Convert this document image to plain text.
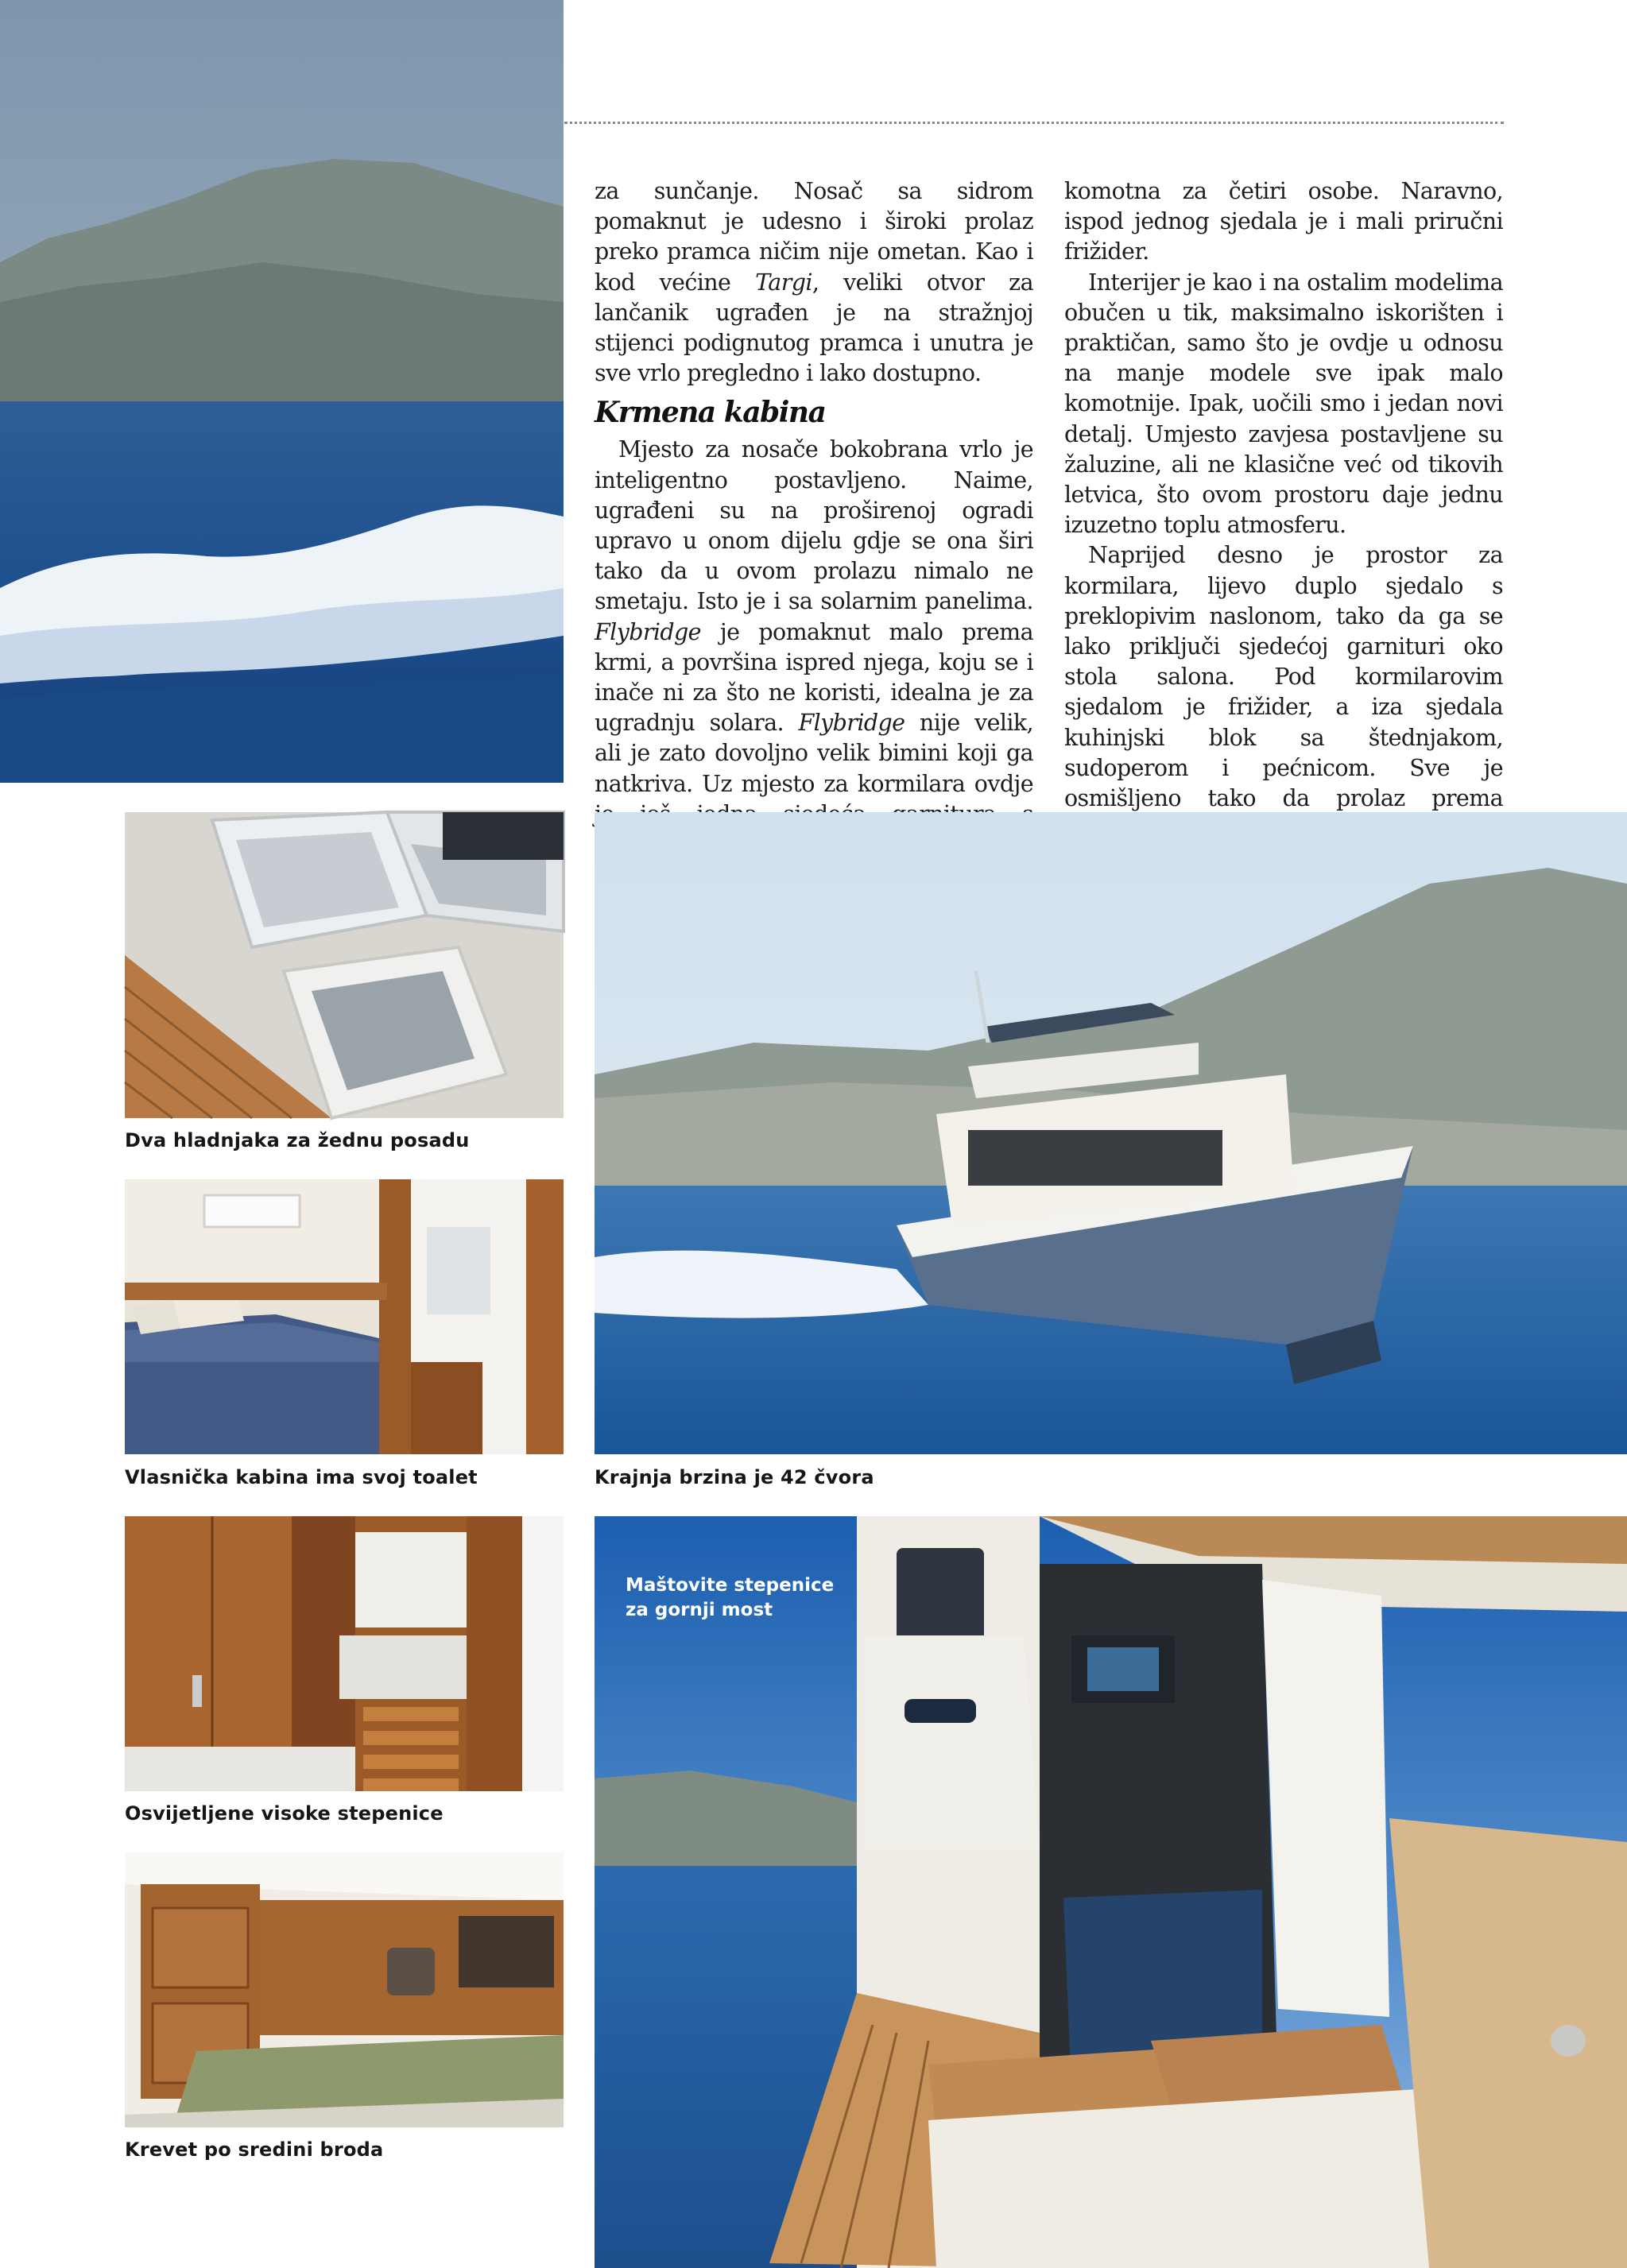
za sunčanje. Nosač sa sidrom pomaknut je udesno i široki prolaz preko pramca ničim nije ometan. Kao i kod većine Targi, veliki otvor za lančanik ugrađen je na stražnjoj stijenci podignutog pramca i unutra je sve vrlo pregledno i lako dostupno.

Krmena kabina

Mjesto za nosače bokobrana vrlo je inteligentno postavljeno. Naime, ugrađeni su na proširenoj ogradi upravo u onom dijelu gdje se ona širi tako da u ovom prolazu nimalo ne smetaju. Isto je i sa solarnim panelima. Flybridge je pomaknut malo prema krmi, a površina ispred njega, koju se i inače ni za što ne koristi, idealna je za ugradnju solara. Flybridge nije velik, ali je zato dovoljno velik bimini koji ga natkriva. Uz mjesto za kormilara ovdje

komotna za četiri osobe. Naravno, ispod jednog sjedala je i mali priručni frižider.

Interijer je kao i na ostalim modelima obučen u tik, maksimalno iskorišten i praktičan, samo što je ovdje u odnosu na manje modele sve ipak malo komotnije. Ipak, uočili smo i jedan novi detalj. Umjesto zavjesa postavljene su žaluzine, ali ne klasične već od tikovih letvica, što ovom prostoru daje jednu izuzetno toplu atmosferu.

Naprijed desno je prostor za kormilara, lijevo duplo sjedalo s preklopivim naslonom, tako da ga se lako priključi sjedećoj garnituri oko stola salona. Pod kormilarovim sjedalom je frižider, a iza sjedala kuhinjski blok sa štednjakom, sudoperom i pećnicom. Sve je osmišljeno tako da prolaz prema

Dva hladnjaka za žednu posadu
Vlasnička kabina ima svoj toalet
Osvijetljene visoke stepenice
Krevet po sredini broda
Krajnja brzina je 42 čvora
Maštovite stepenice
za gornji most
